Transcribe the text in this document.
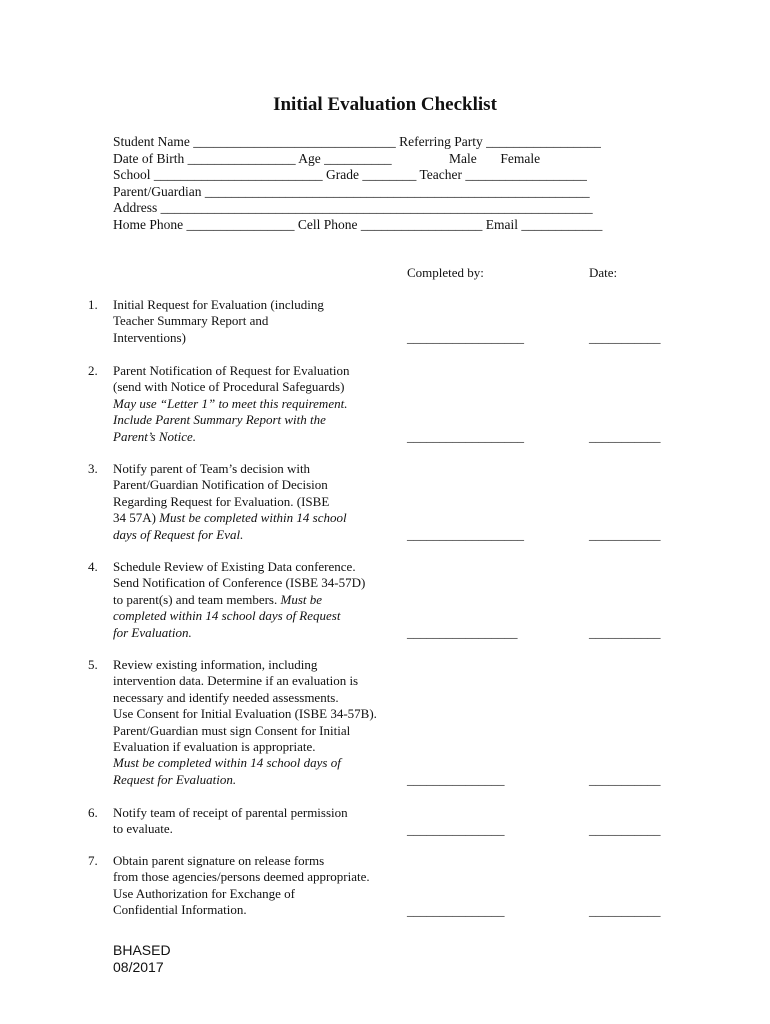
Initial Evaluation Checklist
Student Name ______________________________ Referring Party _________________
Date of Birth ________________ Age __________                 Male       Female
School _________________________ Grade ________ Teacher __________________
Parent/Guardian _________________________________________________________
Address ________________________________________________________________
Home Phone ________________ Cell Phone __________________ Email ____________
Completed by:	Date:
1. Initial Request for Evaluation (including
Teacher Summary Report and
Interventions)	__________________	___________
2. Parent Notification of Request for Evaluation
(send with Notice of Procedural Safeguards)
May use “Letter 1” to meet this requirement.
Include Parent Summary Report with the
Parent’s Notice.	__________________	___________
3. Notify parent of Team’s decision with
Parent/Guardian Notification of Decision
Regarding Request for Evaluation. (ISBE
34 57A) Must be completed within 14 school
days of Request for Eval.	__________________	___________
4. Schedule Review of Existing Data conference.
Send Notification of Conference (ISBE 34-57D)
to parent(s) and team members. Must be
completed within 14 school days of Request
for Evaluation.	_________________	___________
5. Review existing information, including
intervention data. Determine if an evaluation is
necessary and identify needed assessments.
Use Consent for Initial Evaluation (ISBE 34-57B).
Parent/Guardian must sign Consent for Initial
Evaluation if evaluation is appropriate.
Must be completed within 14 school days of
Request for Evaluation.	_______________	___________
6. Notify team of receipt of parental permission
to evaluate.	_______________	___________
7. Obtain parent signature on release forms
from those agencies/persons deemed appropriate.
Use Authorization for Exchange of
Confidential Information.	_______________	___________
BHASED
08/2017
